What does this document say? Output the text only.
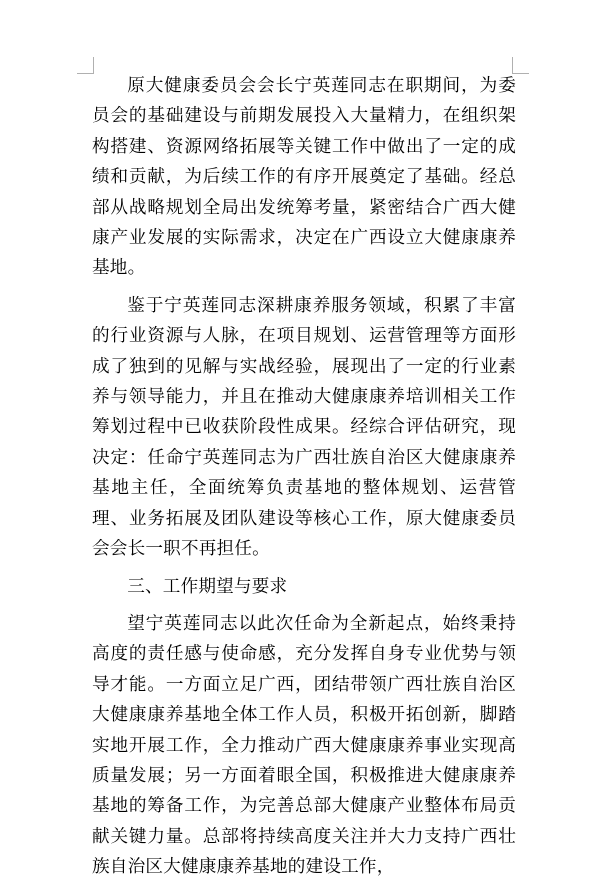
原大健康委员会会长宁英莲同志在职期间，为委员会的基础建设与前期发展投入大量精力，在组织架构搭建、资源网络拓展等关键工作中做出了一定的成绩和贡献，为后续工作的有序开展奠定了基础。经总部从战略规划全局出发统筹考量，紧密结合广西大健康产业发展的实际需求，决定在广西设立大健康康养基地。

鉴于宁英莲同志深耕康养服务领域，积累了丰富的行业资源与人脉，在项目规划、运营管理等方面形成了独到的见解与实战经验，展现出了一定的行业素养与领导能力，并且在推动大健康康养培训相关工作筹划过程中已收获阶段性成果。经综合评估研究，现决定：任命宁英莲同志为广西壮族自治区大健康康养基地主任，全面统筹负责基地的整体规划、运营管理、业务拓展及团队建设等核心工作，原大健康委员会会长一职不再担任。

三、工作期望与要求

望宁英莲同志以此次任命为全新起点，始终秉持高度的责任感与使命感，充分发挥自身专业优势与领导才能。一方面立足广西，团结带领广西壮族自治区大健康康养基地全体工作人员，积极开拓创新，脚踏实地开展工作，全力推动广西大健康康养事业实现高质量发展；另一方面着眼全国，积极推进大健康康养基地的筹备工作，为完善总部大健康产业整体布局贡献关键力量。总部将持续高度关注并大力支持广西壮族自治区大健康康养基地的建设工作，
